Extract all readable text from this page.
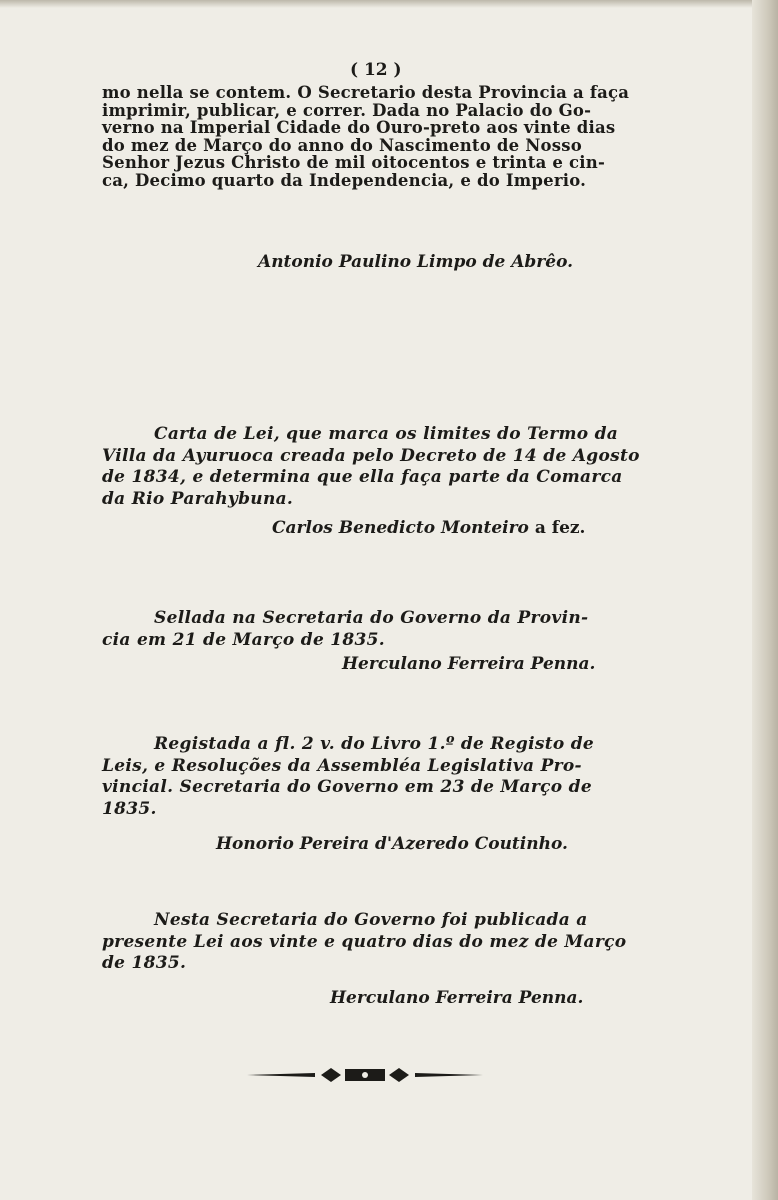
( 12 )
mo nella se contem. O Secretario desta Provincia a faça
imprimir, publicar, e correr. Dada no Palacio do Go-
verno na Imperial Cidade do Ouro-preto aos vinte dias
do mez de Março do anno do Nascimento de Nosso
Senhor Jezus Christo de mil oitocentos e trinta e cin-
ca, Decimo quarto da Independencia, e do Imperio.
Antonio Paulino Limpo de Abrêo.
Carta de Lei, que marca os limites do Termo da
Villa da Ayuruoca creada pelo Decreto de 14 de Agosto
de 1834, e determina que ella faça parte da Comarca
da Rio Parahybuna.
Carlos Benedicto Monteiro a fez.
Sellada na Secretaria do Governo da Provin-
cia em 21 de Março de 1835.
Herculano Ferreira Penna.
Registada a fl. 2 v. do Livro 1.º de Registo de
Leis, e Resoluções da Assembléa Legislativa Pro-
vincial. Secretaria do Governo em 23 de Março de
1835.
Honorio Pereira d'Azeredo Coutinho.
Nesta Secretaria do Governo foi publicada a
presente Lei aos vinte e quatro dias do mez de Março
de 1835.
Herculano Ferreira Penna.
